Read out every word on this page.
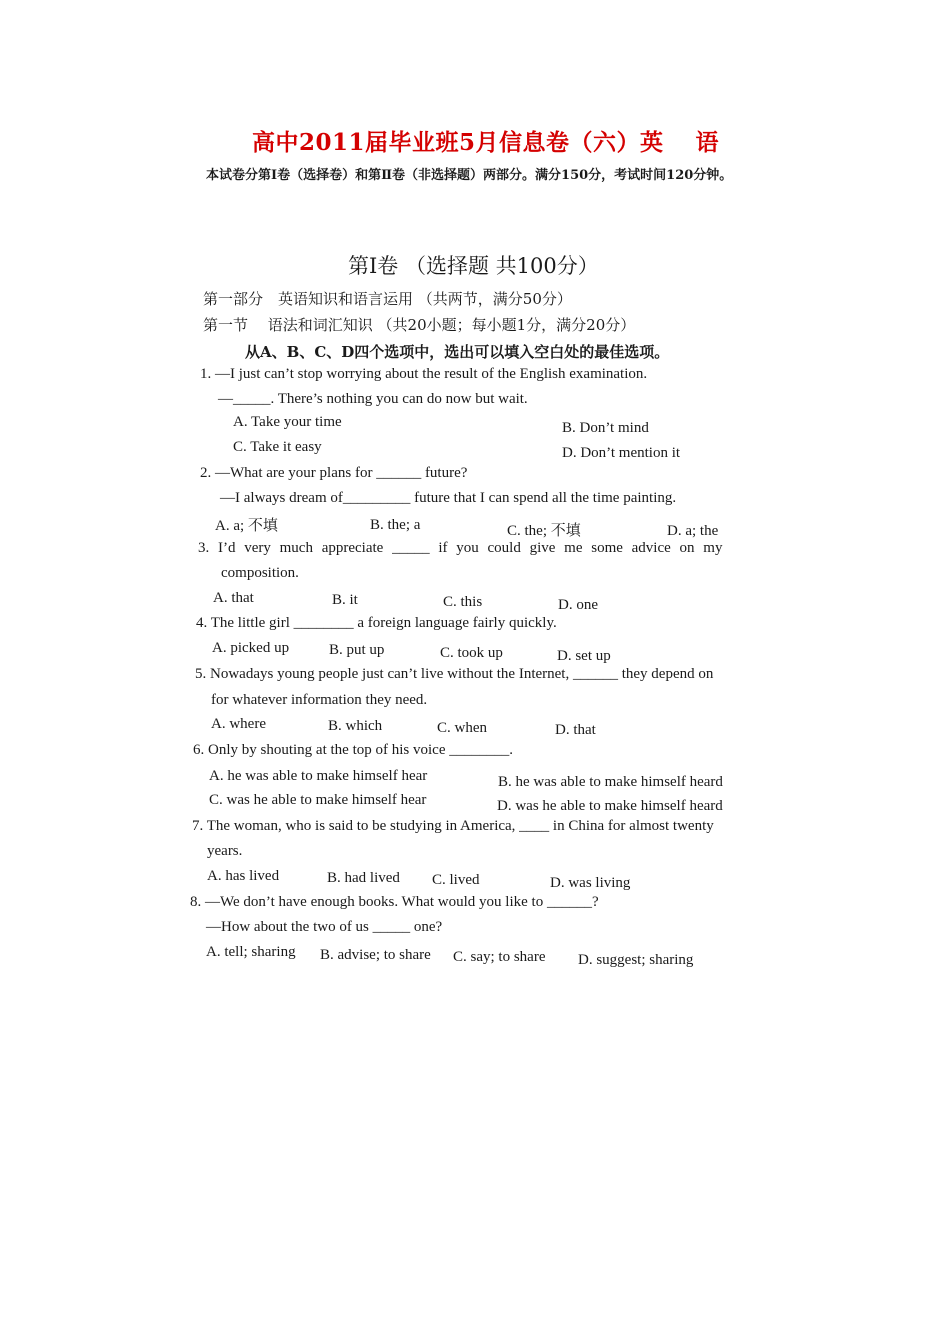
高中2011届毕业班5月信息卷（六）英　 语
本试卷分第Ⅰ卷（选择卷）和第Ⅱ卷（非选择题）两部分。满分150分，考试时间120分钟。
第Ⅰ卷 （选择题 共100分）
第一部分　英语知识和语言运用 （共两节，满分50分）
第一节　 语法和词汇知识 （共20小题；每小题1分，满分20分）
从A、B、C、D四个选项中，选出可以填入空白处的最佳选项。
1. —I just can’t stop worrying about the result of the English examination.
—_____. There’s nothing you can do now but wait.
A. Take your time	B. Don’t mind
C. Take it easy	D. Don’t mention it
2. —What are your plans for ______ future?
—I always dream of_________ future that I can spend all the time painting.
A. a; 不填	B. the; a	C. the; 不填	D. a; the
3. I’d very much appreciate _____ if you could give me some advice on my
composition.
A. that	B. it	C. this	D. one
4. The little girl ________ a foreign language fairly quickly.
A. picked up	B. put up	C. took up	D. set up
5. Nowadays young people just can’t live without the Internet, ______ they depend on
for whatever information they need.
A. where	B. which	C. when	D. that
6. Only by shouting at the top of his voice ________.
A. he was able to make himself hear	B. he was able to make himself heard
C. was he able to make himself hear	D. was he able to make himself heard
7. The woman, who is said to be studying in America, ____ in China for almost twenty
years.
A. has lived	B. had lived C. lived	D. was living
8. —We don’t have enough books. What would you like to ______?
—How about the two of us _____ one?
A. tell; sharing B. advise; to share C. say; to share D. suggest; sharing
